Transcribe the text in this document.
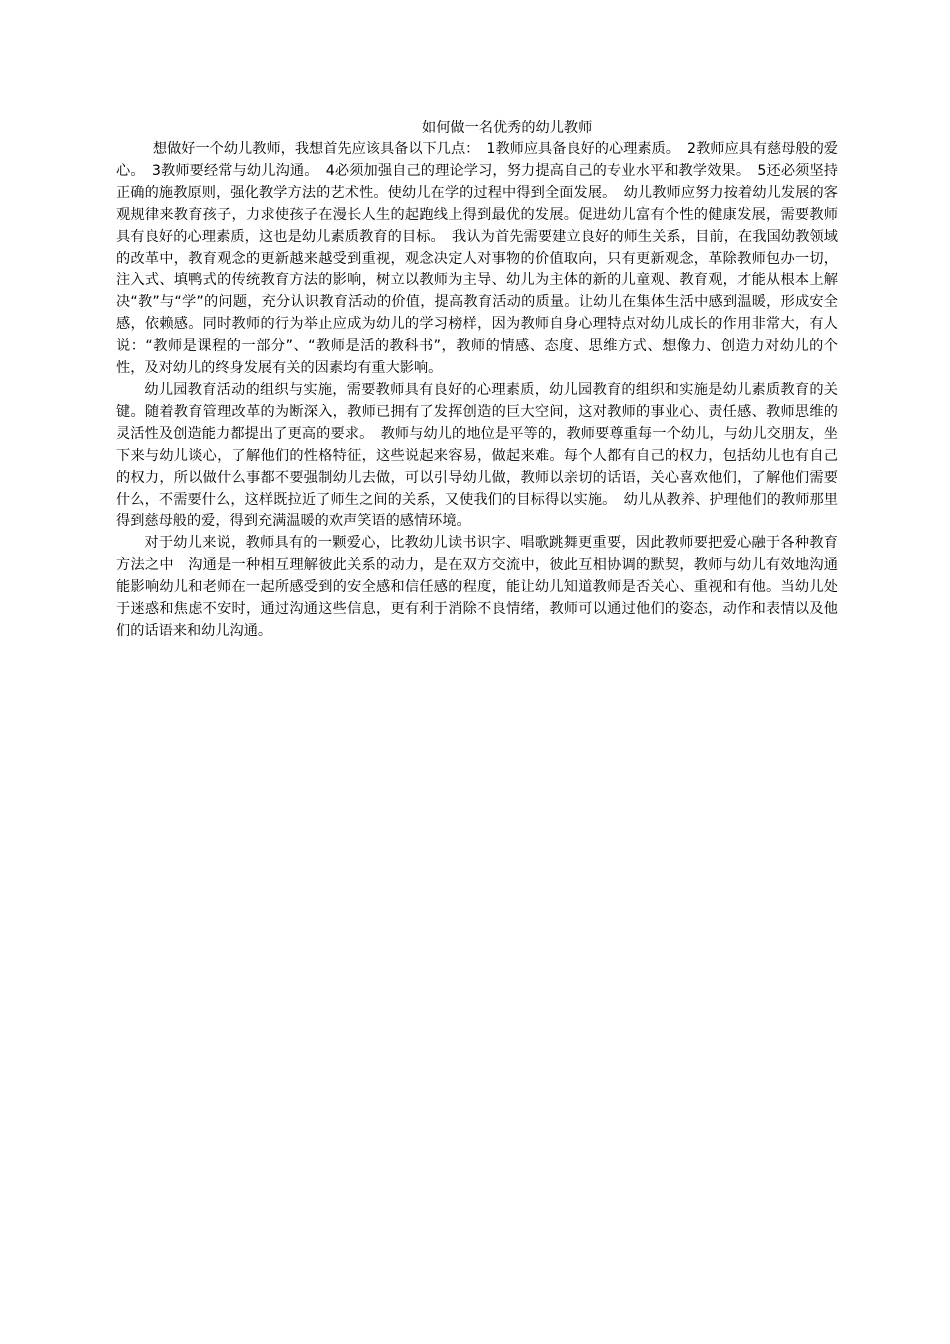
如何做一名优秀的幼儿教师

想做好一个幼儿教师，我想首先应该具备以下几点：　1教师应具备良好的心理素质。　2教师应具有慈母般的爱心。　3教师要经常与幼儿沟通。　4必须加强自己的理论学习，努力提高自己的专业水平和教学效果。　5还必须坚持正确的施教原则，强化教学方法的艺术性。使幼儿在学的过程中得到全面发展。　幼儿教师应努力按着幼儿发展的客观规律来教育孩子，力求使孩子在漫长人生的起跑线上得到最优的发展。促进幼儿富有个性的健康发展，需要教师具有良好的心理素质，这也是幼儿素质教育的目标。　我认为首先需要建立良好的师生关系，目前，在我国幼教领域的改革中，教育观念的更新越来越受到重视，观念决定人对事物的价值取向，只有更新观念，革除教师包办一切，注入式、填鸭式的传统教育方法的影响，树立以教师为主导、幼儿为主体的新的儿童观、教育观，才能从根本上解决“教”与“学”的问题，充分认识教育活动的价值，提高教育活动的质量。让幼儿在集体生活中感到温暖，形成安全感，依赖感。同时教师的行为举止应成为幼儿的学习榜样，因为教师自身心理特点对幼儿成长的作用非常大，有人说：“教师是课程的一部分”、“教师是活的教科书”，教师的情感、态度、思维方式、想像力、创造力对幼儿的个性，及对幼儿的终身发展有关的因素均有重大影响。

幼儿园教育活动的组织与实施，需要教师具有良好的心理素质，幼儿园教育的组织和实施是幼儿素质教育的关键。随着教育管理改革的为断深入，教师已拥有了发挥创造的巨大空间，这对教师的事业心、责任感、教师思维的灵活性及创造能力都提出了更高的要求。　教师与幼儿的地位是平等的，教师要尊重每一个幼儿，与幼儿交朋友，坐下来与幼儿谈心，了解他们的性格特征，这些说起来容易，做起来难。每个人都有自己的权力，包括幼儿也有自己的权力，所以做什么事都不要强制幼儿去做，可以引导幼儿做，教师以亲切的话语，关心喜欢他们，了解他们需要什么，不需要什么，这样既拉近了师生之间的关系，又使我们的目标得以实施。　幼儿从教养、护理他们的教师那里得到慈母般的爱，得到充满温暖的欢声笑语的感情环境。

对于幼儿来说，教师具有的一颗爱心，比教幼儿读书识字、唱歌跳舞更重要，因此教师要把爱心融于各种教育方法之中　沟通是一种相互理解彼此关系的动力，是在双方交流中，彼此互相协调的默契，教师与幼儿有效地沟通能影响幼儿和老师在一起所感受到的安全感和信任感的程度，能让幼儿知道教师是否关心、重视和有他。当幼儿处于迷惑和焦虑不安时，通过沟通这些信息，更有利于消除不良情绪，教师可以通过他们的姿态，动作和表情以及他们的话语来和幼儿沟通。
